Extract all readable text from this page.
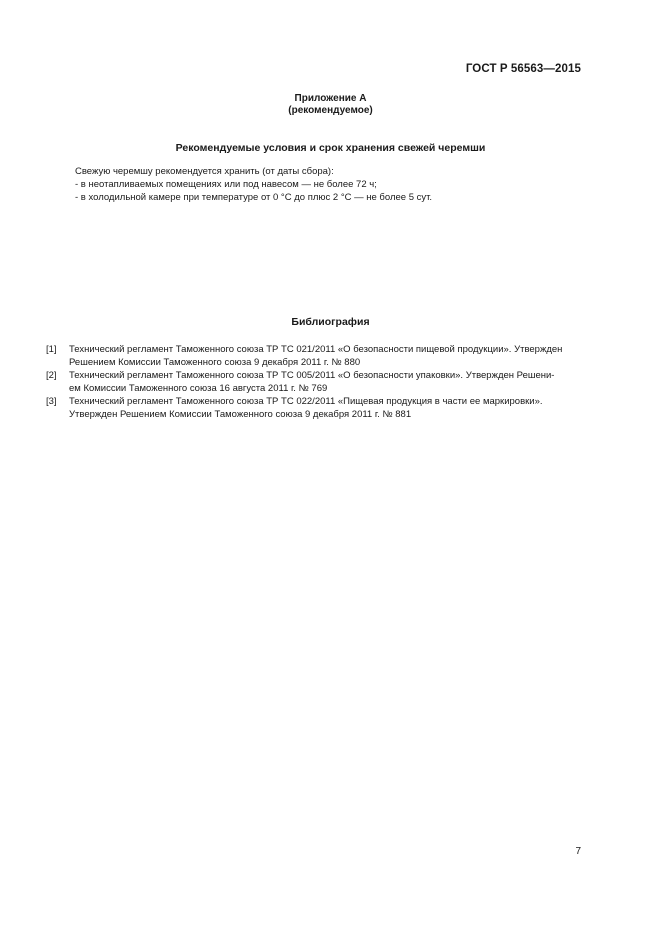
ГОСТ Р 56563—2015
Приложение А
(рекомендуемое)
Рекомендуемые условия и срок хранения свежей черемши
Свежую черемшу рекомендуется хранить (от даты сбора):
- в неотапливаемых помещениях или под навесом — не более 72 ч;
- в холодильной камере при температуре от 0 °С до плюс 2 °С — не более 5 сут.
Библиография
[1]	Технический регламент Таможенного союза ТР ТС 021/2011 «О безопасности пищевой продукции». Утвержден
Решением Комиссии Таможенного союза 9 декабря 2011 г. № 880
[2]	Технический регламент Таможенного союза ТР ТС 005/2011 «О безопасности упаковки». Утвержден Решени-
ем Комиссии Таможенного союза 16 августа 2011 г. № 769
[3]	Технический регламент Таможенного союза ТР ТС 022/2011 «Пищевая продукция в части ее маркировки».
Утвержден Решением Комиссии Таможенного союза 9 декабря 2011 г. № 881
7
